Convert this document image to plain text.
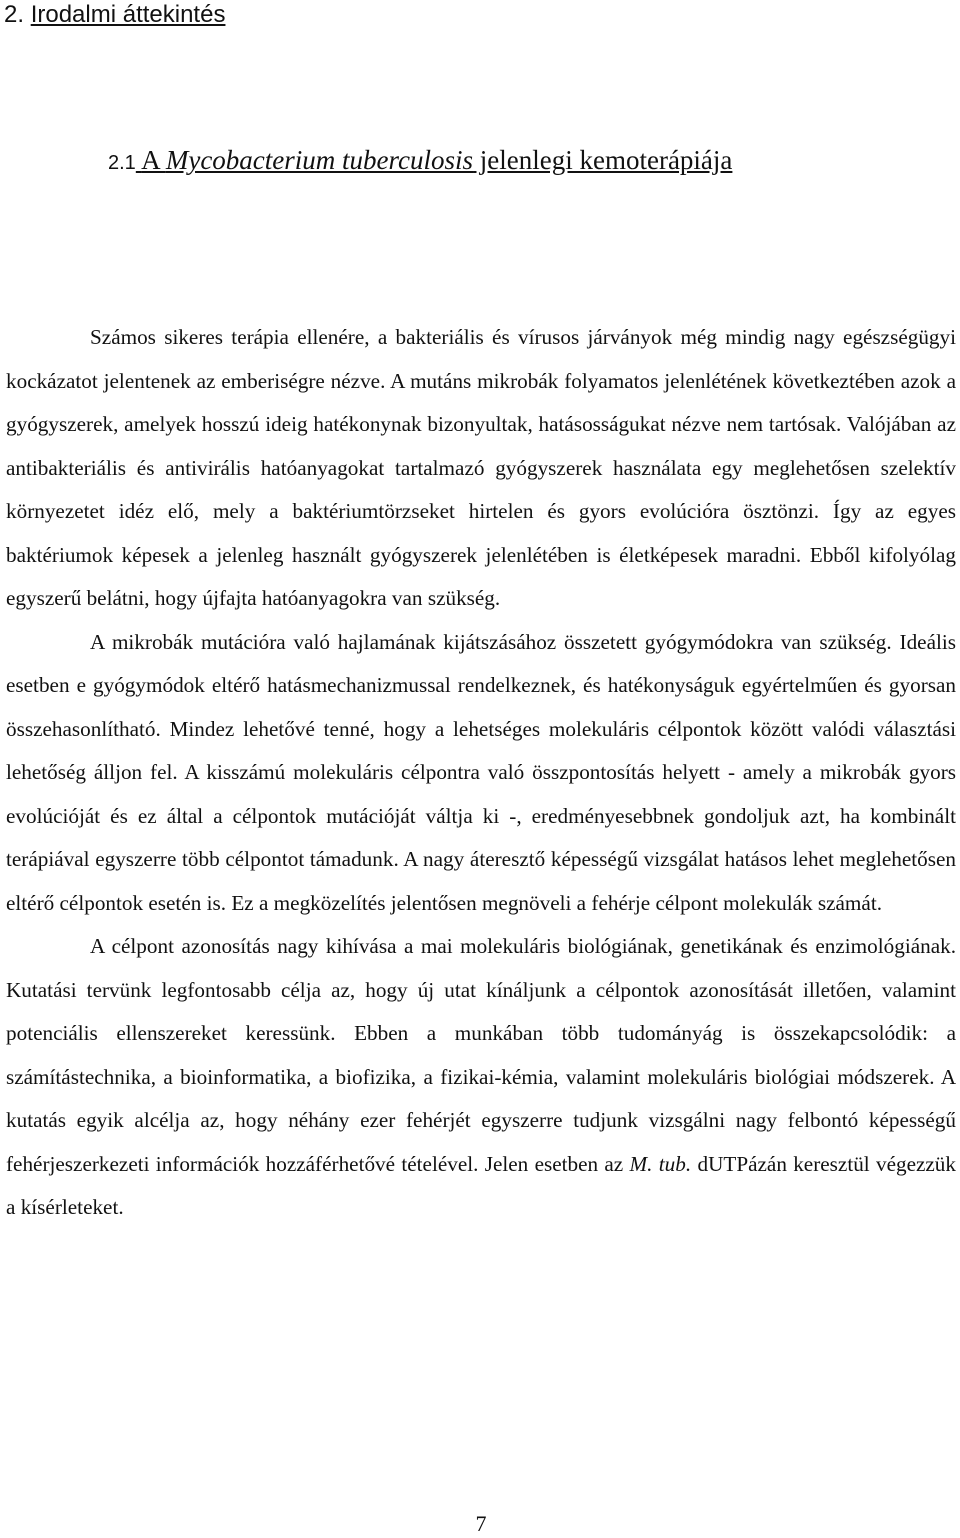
2. Irodalmi áttekintés
2.1 A Mycobacterium tuberculosis jelenlegi kemoterápiája

Számos sikeres terápia ellenére, a bakteriális és vírusos járványok még mindig nagy egészségügyi kockázatot jelentenek az emberiségre nézve. A mutáns mikrobák folyamatos jelenlétének következtében azok a gyógyszerek, amelyek hosszú ideig hatékonynak bizonyultak, hatásosságukat nézve nem tartósak. Valójában az antibakteriális és antivirális hatóanyagokat tartalmazó gyógyszerek használata egy meglehetősen szelektív környezetet idéz elő, mely a baktériumtörzseket hirtelen és gyors evolúcióra ösztönzi. Így az egyes baktériumok képesek a jelenleg használt gyógyszerek jelenlétében is életképesek maradni. Ebből kifolyólag egyszerű belátni, hogy újfajta hatóanyagokra van szükség.

A mikrobák mutációra való hajlamának kijátszásához összetett gyógymódokra van szükség. Ideális esetben e gyógymódok eltérő hatásmechanizmussal rendelkeznek, és hatékonyságuk egyértelműen és gyorsan összehasonlítható. Mindez lehetővé tenné, hogy a lehetséges molekuláris célpontok között valódi választási lehetőség álljon fel. A kisszámú molekuláris célpontra való összpontosítás helyett - amely a mikrobák gyors evolúcióját és ez által a célpontok mutációját váltja ki -, eredményesebbnek gondoljuk azt, ha kombinált terápiával egyszerre több célpontot támadunk. A nagy áteresztő képességű vizsgálat hatásos lehet meglehetősen eltérő célpontok esetén is. Ez a megközelítés jelentősen megnöveli a fehérje célpont molekulák számát.

A célpont azonosítás nagy kihívása a mai molekuláris biológiának, genetikának és enzimológiának. Kutatási tervünk legfontosabb célja az, hogy új utat kínáljunk a célpontok azonosítását illetően, valamint potenciális ellenszereket keressünk. Ebben a munkában több tudományág is összekapcsolódik: a számítástechnika, a bioinformatika, a biofizika, a fizikai-kémia, valamint molekuláris biológiai módszerek. A kutatás egyik alcélja az, hogy néhány ezer fehérjét egyszerre tudjunk vizsgálni nagy felbontó képességű fehérjeszerkezeti információk hozzáférhetővé tételével. Jelen esetben az M. tub. dUTPázán keresztül végezzük a kísérleteket.

7
